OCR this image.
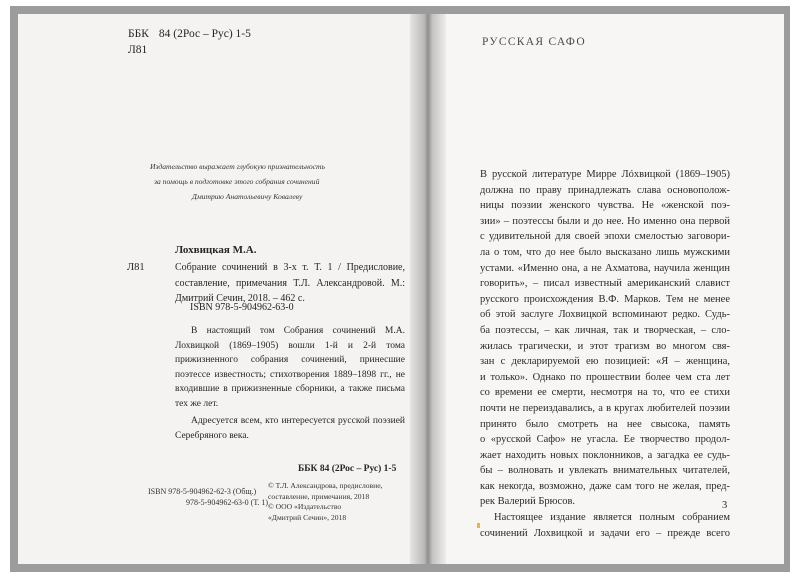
ББК 84 (2Рос – Рус) 1-5
Л81
Издательство выражает глубокую признательность
за помощь в подготовке этого собрания сочинений
Дмитрию Анатольевичу Ковалеву
Лохвицкая М.А.
Л81	Собрание сочинений в 3-х т. Т. 1 / Предисловие, составление, примечания Т.Л. Александровой. М.: Дмитрий Сечин, 2018. – 462 с.
ISBN 978-5-904962-63-0
В настоящий том Собрания сочинений М.А. Лохвицкой (1869–1905) вошли 1-й и 2-й тома прижизненного собрания сочинений, принесшие поэтессе известность; стихотворения 1889–1898 гг., не входившие в прижизненные сборники, а также письма тех же лет.
Адресуется всем, кто интересуется русской поэзией Серебряного века.
ББК 84 (2Рос – Рус) 1-5
ISBN 978-5-904962-62-3 (Общ.)
978-5-904962-63-0 (Т. 1)
© Т.Л. Александрова, предисловие,
составление, примечания, 2018
© ООО «Издательство
«Дмитрий Сечин», 2018
РУССКАЯ САФО
В русской литературе Мирре Лóхвицкой (1869–1905)
должна по праву принадлежать слава основополож-
ницы поэзии женского чувства. Не «женской поэ-
зии» – поэтессы были и до нее. Но именно она первой
с удивительной для своей эпохи смелостью заговори-
ла о том, что до нее было высказано лишь мужскими
устами. «Именно она, а не Ахматова, научила женщин
говорить», – писал известный американский славист
русского происхождения В.Ф. Марков. Тем не менее
об этой заслуге Лохвицкой вспоминают редко. Судь-
ба поэтессы, – как личная, так и творческая, – сло-
жилась трагически, и этот трагизм во многом свя-
зан с декларируемой ею позицией: «Я – женщина,
и только». Однако по прошествии более чем ста лет
со времени ее смерти, несмотря на то, что ее стихи
почти не переиздавались, а в кругах любителей поэзии
принято было смотреть на нее свысока, память
о «русской Сафо» не угасла. Ее творчество продол-
жает находить новых поклонников, а загадка ее судь-
бы – волновать и увлекать внимательных читателей,
как некогда, возможно, даже сам того не желая, пред-
рек Валерий Брюсов.
Настоящее издание является полным собранием
сочинений Лохвицкой и задачи его – прежде всего
3
